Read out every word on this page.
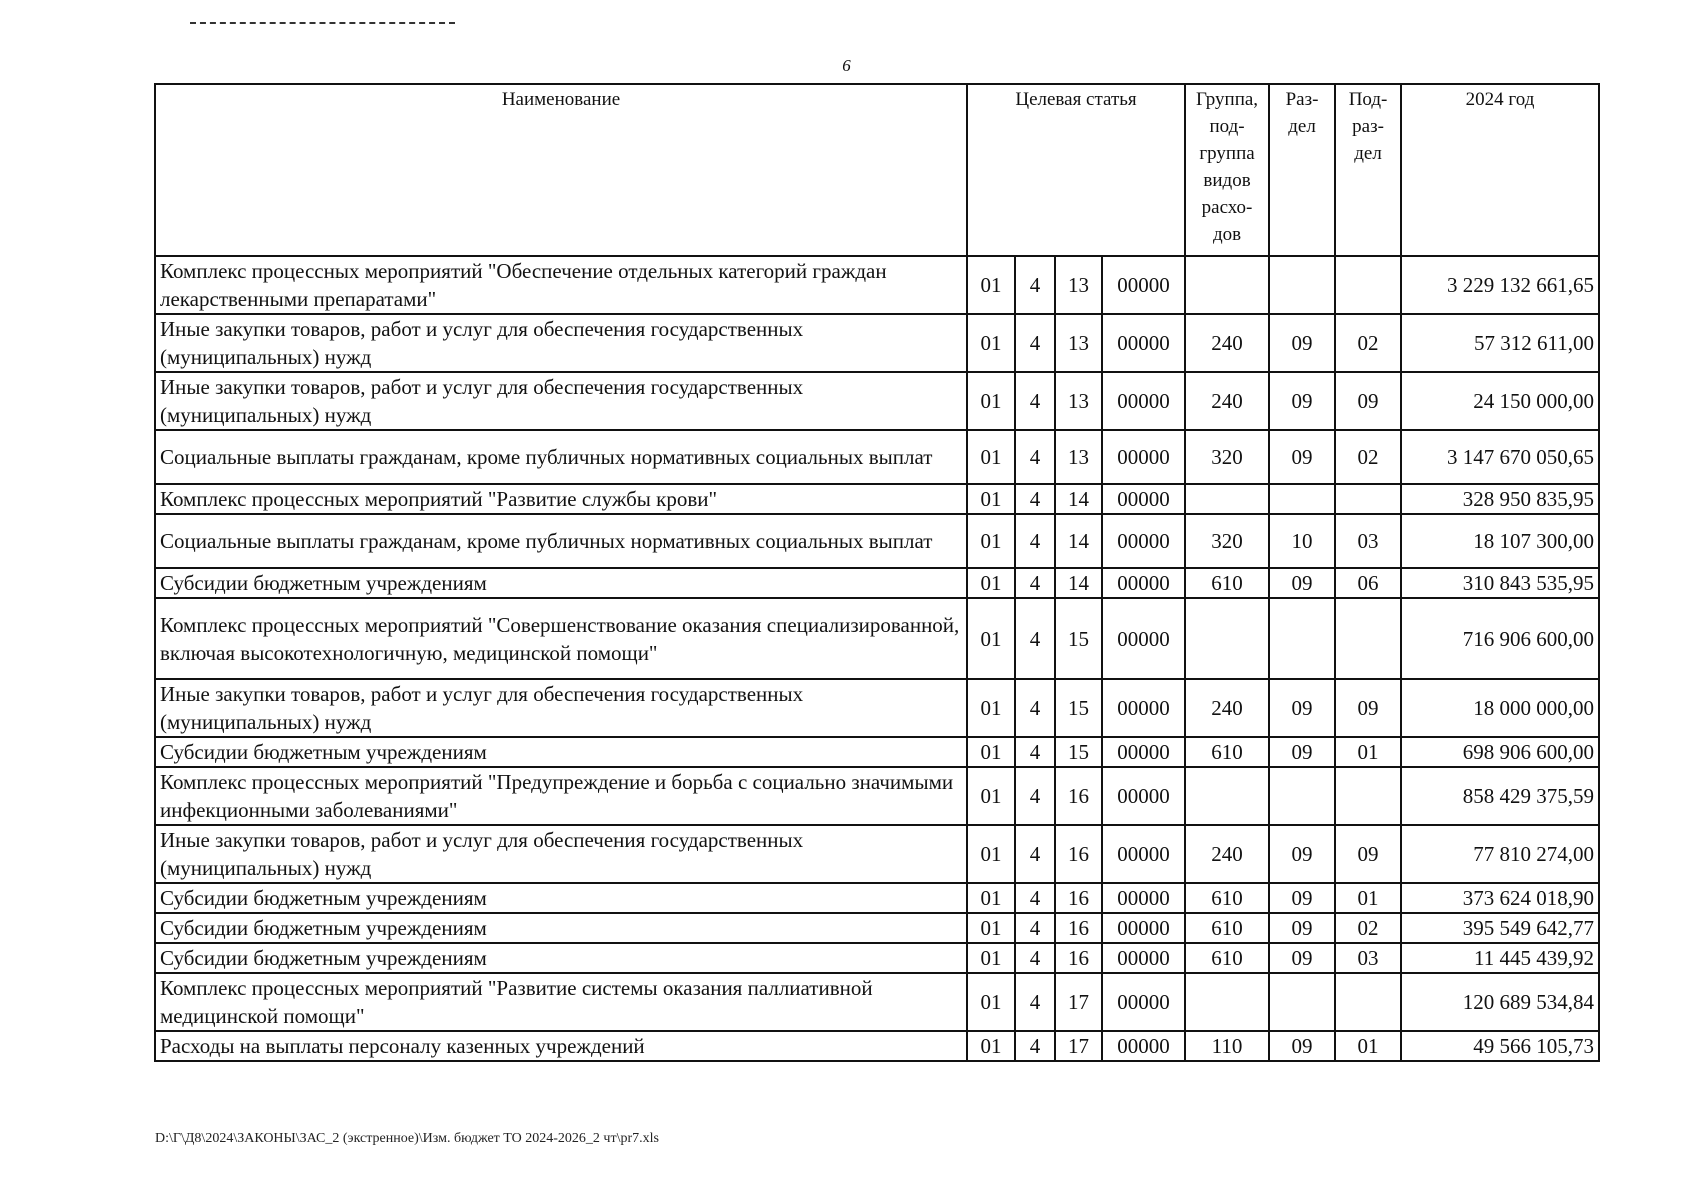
6
Наименование	Целевая статья				Группа, под-группа видов расхо-дов	Раз-дел	Под-раз-дел	2024 год
Комплекс процессных мероприятий "Обеспечение отдельных категорий граждан лекарственными препаратами"	01	4	13	00000				3 229 132 661,65
Иные закупки товаров, работ и услуг для обеспечения государственных (муниципальных) нужд	01	4	13	00000	240	09	02	57 312 611,00
Иные закупки товаров, работ и услуг для обеспечения государственных (муниципальных) нужд	01	4	13	00000	240	09	09	24 150 000,00
Социальные выплаты гражданам, кроме публичных нормативных социальных выплат	01	4	13	00000	320	09	02	3 147 670 050,65
Комплекс процессных мероприятий "Развитие службы крови"	01	4	14	00000				328 950 835,95
Социальные выплаты гражданам, кроме публичных нормативных социальных выплат	01	4	14	00000	320	10	03	18 107 300,00
Субсидии бюджетным учреждениям	01	4	14	00000	610	09	06	310 843 535,95
Комплекс процессных мероприятий "Совершенствование оказания специализированной, включая высокотехнологичную, медицинской помощи"	01	4	15	00000				716 906 600,00
Иные закупки товаров, работ и услуг для обеспечения государственных (муниципальных) нужд	01	4	15	00000	240	09	09	18 000 000,00
Субсидии бюджетным учреждениям	01	4	15	00000	610	09	01	698 906 600,00
Комплекс процессных мероприятий "Предупреждение и борьба с социально значимыми инфекционными заболеваниями"	01	4	16	00000				858 429 375,59
Иные закупки товаров, работ и услуг для обеспечения государственных (муниципальных) нужд	01	4	16	00000	240	09	09	77 810 274,00
Субсидии бюджетным учреждениям	01	4	16	00000	610	09	01	373 624 018,90
Субсидии бюджетным учреждениям	01	4	16	00000	610	09	02	395 549 642,77
Субсидии бюджетным учреждениям	01	4	16	00000	610	09	03	11 445 439,92
Комплекс процессных мероприятий "Развитие системы оказания паллиативной медицинской помощи"	01	4	17	00000				120 689 534,84
Расходы на выплаты персоналу казенных учреждений	01	4	17	00000	110	09	01	49 566 105,73
D:\Г\Д8\2024\ЗАКОНЫ\ЗАС_2 (экстренное)\Изм. бюджет ТО 2024-2026_2 чт\pr7.xls
